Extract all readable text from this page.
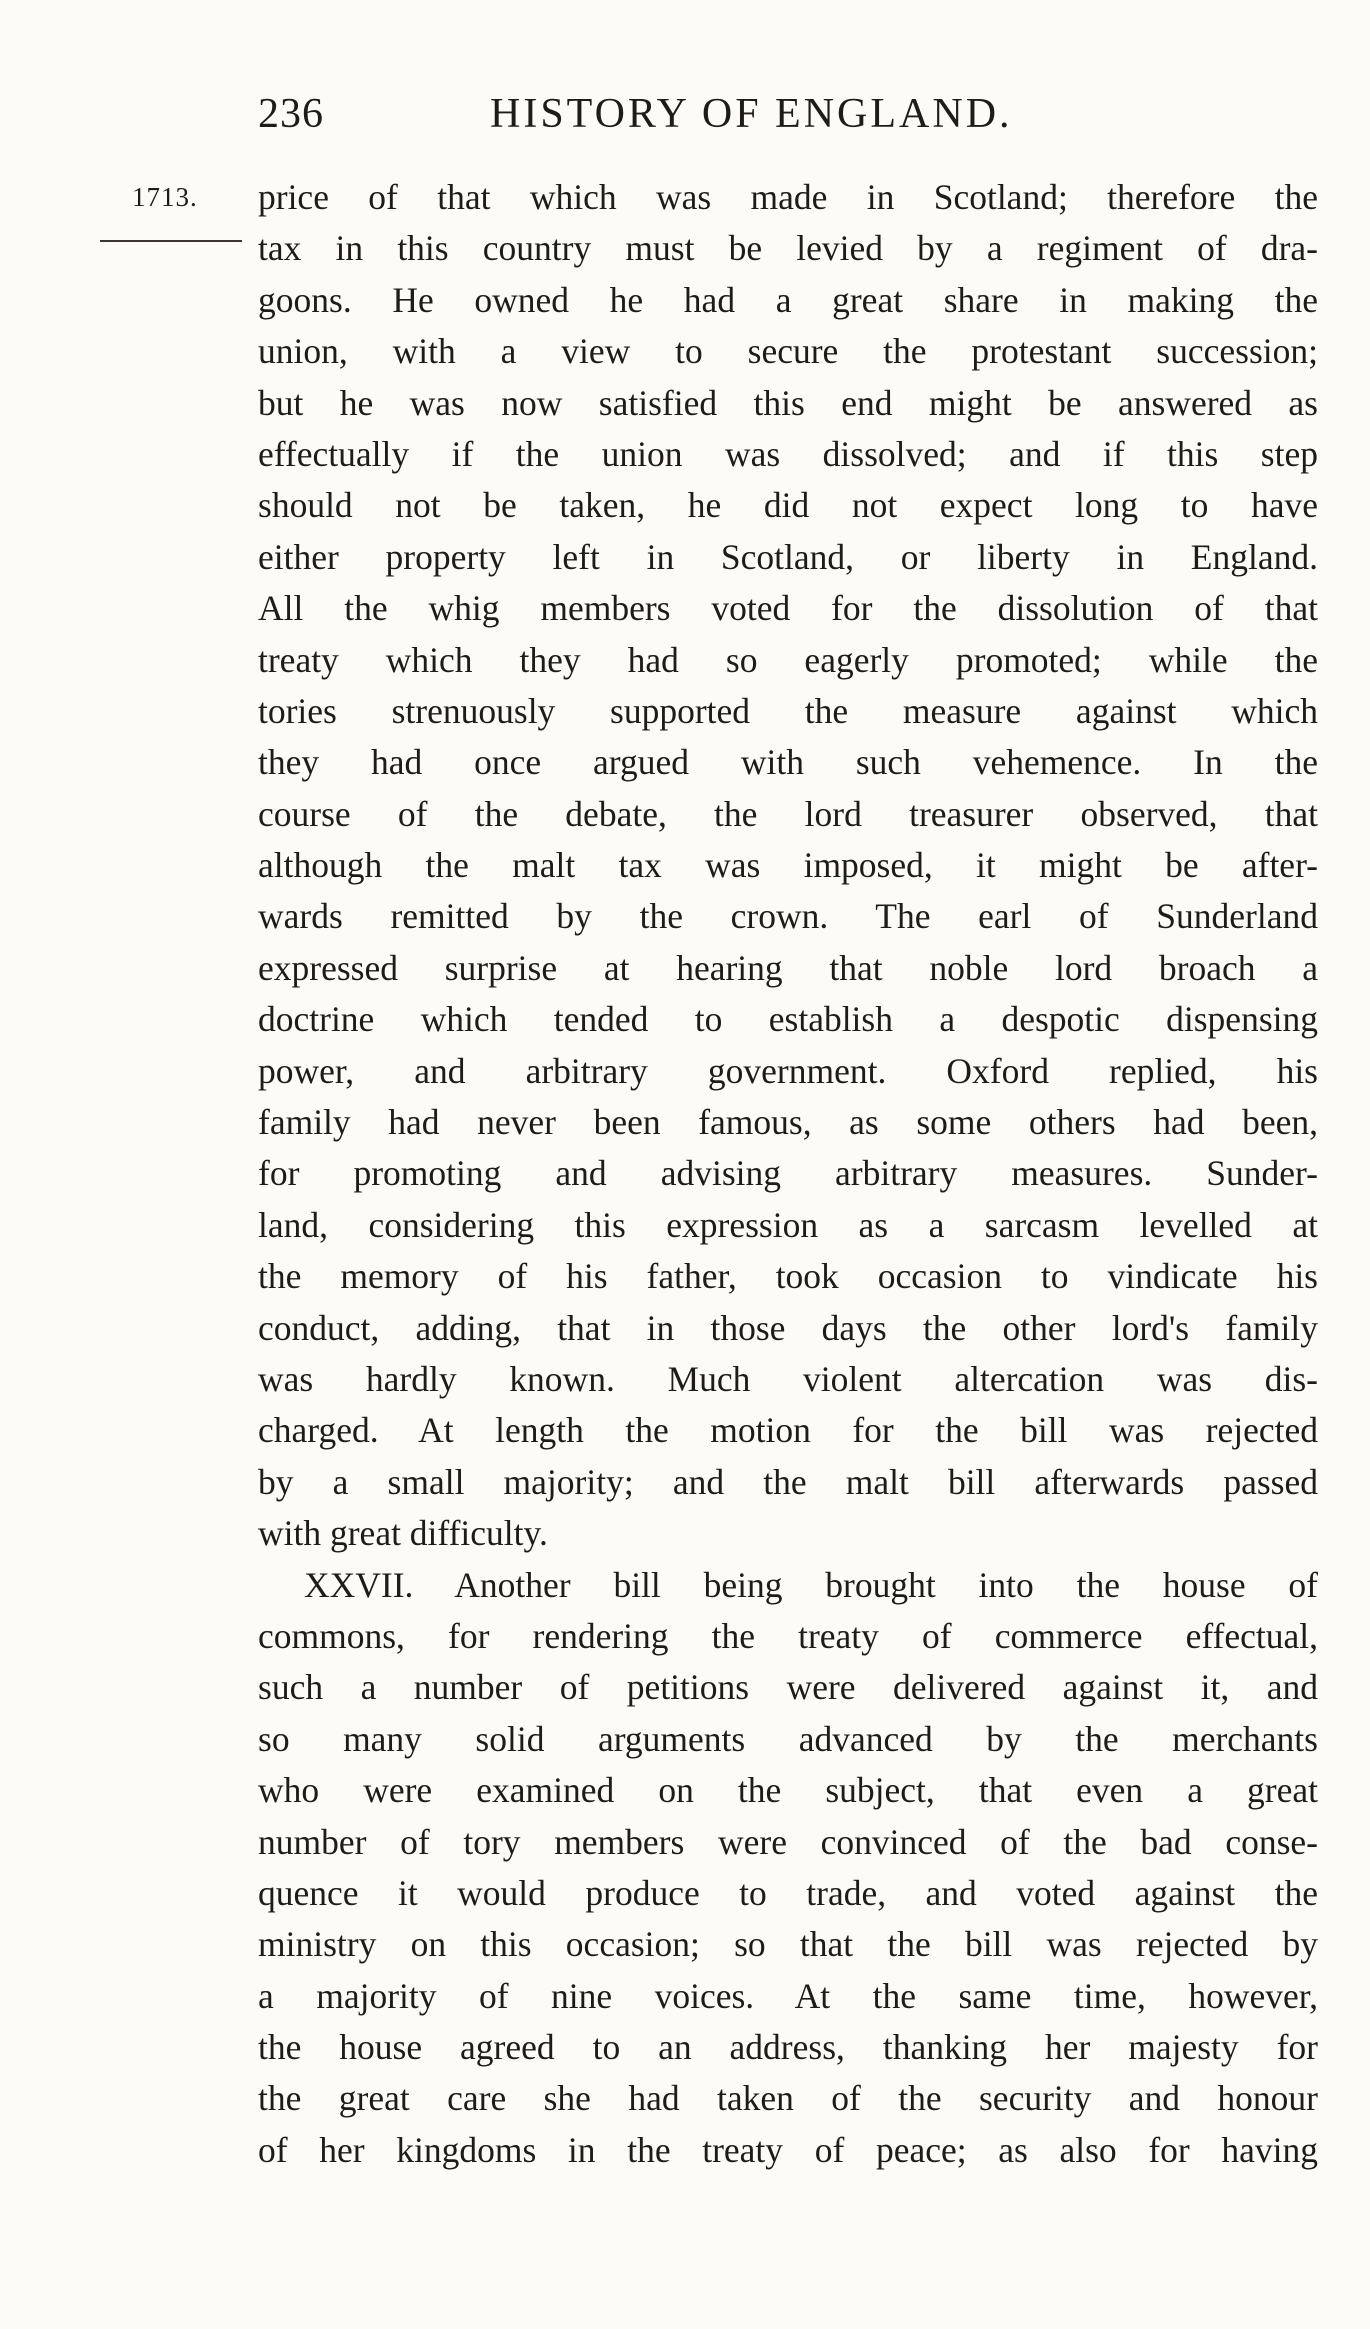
236	HISTORY OF ENGLAND.
1713. price of that which was made in Scotland; therefore the
tax in this country must be levied by a regiment of dra-
goons. He owned he had a great share in making the
union, with a view to secure the protestant succession;
but he was now satisfied this end might be answered as
effectually if the union was dissolved; and if this step
should not be taken, he did not expect long to have
either property left in Scotland, or liberty in England.
All the whig members voted for the dissolution of that
treaty which they had so eagerly promoted; while the
tories strenuously supported the measure against which
they had once argued with such vehemence. In the
course of the debate, the lord treasurer observed, that
although the malt tax was imposed, it might be after-
wards remitted by the crown. The earl of Sunderland
expressed surprise at hearing that noble lord broach a
doctrine which tended to establish a despotic dispensing
power, and arbitrary government. Oxford replied, his
family had never been famous, as some others had been,
for promoting and advising arbitrary measures. Sunder-
land, considering this expression as a sarcasm levelled at
the memory of his father, took occasion to vindicate his
conduct, adding, that in those days the other lord's family
was hardly known. Much violent altercation was dis-
charged. At length the motion for the bill was rejected
by a small majority; and the malt bill afterwards passed
with great difficulty.
XXVII. Another bill being brought into the house of
commons, for rendering the treaty of commerce effectual,
such a number of petitions were delivered against it, and
so many solid arguments advanced by the merchants
who were examined on the subject, that even a great
number of tory members were convinced of the bad conse-
quence it would produce to trade, and voted against the
ministry on this occasion; so that the bill was rejected by
a majority of nine voices. At the same time, however,
the house agreed to an address, thanking her majesty for
the great care she had taken of the security and honour
of her kingdoms in the treaty of peace; as also for having
